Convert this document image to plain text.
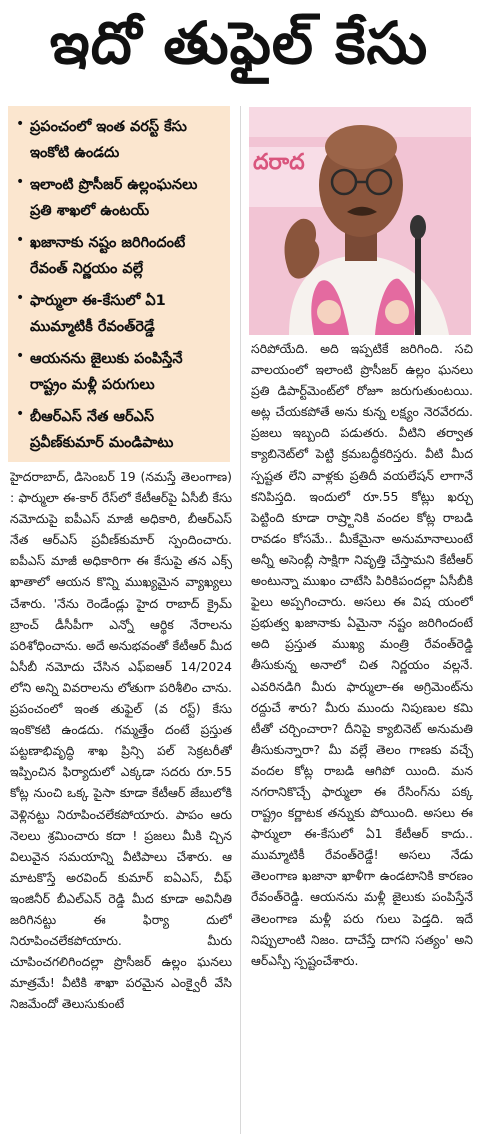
ఇదో తుఫైల్ కేసు
• ప్రపంచంలో ఇంత వరస్ట్ కేసు ఇంకోటి ఉండదు
• ఇలాంటి ప్రొసీజర్ ఉల్లంఘనలు ప్రతి శాఖలో ఉంటయ్
• ఖజానాకు నష్టం జరిగిందంటే రేవంత్ నిర్ణయం వల్లే
• ఫార్ములా ఈ-కేసులో ఏ1 ముమ్మాటికీ రేవంత్‌రెడ్డే
• ఆయనను జైలుకు పంపిస్తేనే రాష్ట్రం మళ్లీ పరుగులు
• బీఆర్ఎస్ నేత ఆర్ఎస్ ప్రవీణ్‌కుమార్ మండిపాటు
దరాద
హైదరాబాద్, డిసెంబర్ 19 (నమస్తే తెలంగాణ) : ఫార్ములా ఈ-కార్ రేస్‌లో కేటీఆర్‌పై ఏసీబీ కేసు నమోదుపై ఐపీఎస్ మాజీ అధికారి, బీఆర్ఎస్ నేత ఆర్ఎస్ ప్రవీణ్‌కుమార్ స్పందించారు. ఐపీఎస్ మాజీ అధికారిగా ఈ కేసుపై తన ఎక్స్ ఖాతాలో ఆయన కొన్ని ముఖ్యమైన వ్యాఖ్యలు చేశారు. 'నేను రెండేండ్లు హైద రాబాద్ క్రైమ్ బ్రాంచ్ డీసీపీగా ఎన్నో ఆర్థిక నేరాలను పరిశోధించాను. అదే అనుభవంతో కేటీఆర్ మీద ఏసీబీ నమోదు చేసిన ఎఫ్ఐఆర్ 14/2024 లోని అన్ని వివరాలను లోతుగా పరిశీలిం చాను. ప్రపంచంలో ఇంత తుఫైల్ (వ రస్ట్) కేసు ఇంకొకటి ఉండదు. గమ్మత్తేం దంటే ప్రస్తుత పట్టణాభివృద్ధి శాఖ ప్రిన్సి పల్ సెక్రటరీతో ఇప్పించిన ఫిర్యాదులో ఎక్కడా సదరు రూ.55 కోట్ల నుంచి ఒక్క పైసా కూడా కేటీఆర్ జేబులోకి వెళ్లినట్టు నిరూపించలేకపోయారు. పాపం ఆరు నెలలు శ్రమించారు కదా ! ప్రజలు మీకి చ్చిన విలువైన సమయాన్ని వీటిపాలు చేశారు. ఆ మాటకొస్తే అరవింద్ కుమార్ ఐఏఎస్, చీఫ్ ఇంజినీర్ బీఎల్ఎన్ రెడ్డి మీద కూడా అవినీతి జరిగినట్టు ఈ ఫిర్యా దులో నిరూపించలేకపోయారు. మీరు చూపించగలిగిందల్లా ప్రొసీజర్ ఉల్లం ఘనలు మాత్రమే! వీటికి శాఖా పరమైన ఎంక్వైరీ వేసి నిజమేందో తెలుసుకుంటే
సరిపోయేది. అది ఇప్పటికే జరిగింది. సచి వాలయంలో ఇలాంటి ప్రొసీజర్ ఉల్లం ఘనలు ప్రతి డిపార్ట్‌మెంట్‌లో రోజూ జరుగుతుంటయి. అట్ల చేయకపోతే అను కున్న లక్ష్యం నెరవేరదు. ప్రజలు ఇబ్బంది పడుతరు. వీటిని తర్వాత క్యాబినెట్‌లో పెట్టి క్రమబద్ధీకరిస్తరు. వీటి మీద స్పష్టత లేని వాళ్లకు ప్రతిదీ వయలేషన్ లాగానే కనిపిస్తది. ఇందులో రూ.55 కోట్లు ఖర్చు పెట్టింది కూడా రాష్ర్టానికి వందల కోట్ల రాబడి రావడం కోసమే.. మీకేమైనా అనుమానాలుంటే అన్నీ అసెంబ్లీ సాక్షిగా నివృత్తి చేస్తామని కేటీఆర్ అంటున్నా ముఖం చాటేసి పిరికిపందల్లా ఏసీబీకి ఫైలు అప్పగించారు. అసలు ఈ విష యంలో ప్రభుత్వ ఖజానాకు ఏమైనా నష్టం జరిగిందంటే అది ప్రస్తుత ముఖ్య మంత్రి రేవంత్‌రెడ్డి తీసుకున్న అనాలో చిత నిర్ణయం వల్లనే. ఎవరినడిగి మీరు ఫార్ములా-ఈ అగ్రిమెంట్‌ను రద్దుచే శారు? మీరు ముందు నిపుణుల కమి టీతో చర్చించారా? దీనిపై క్యాబినెట్ అనుమతి తీసుకున్నారా? మీ వల్లే తెలం గాణకు వచ్చే వందల కోట్ల రాబడి ఆగిపో యింది. మన నగరానికొచ్చే ఫార్ములా ఈ రేసింగ్‌ను పక్క రాష్ట్రం కర్ణాటక తన్నుకు పోయింది. అసలు ఈ ఫార్ములా ఈ-కేసులో ఏ1 కేటీఆర్ కాదు.. ముమ్మాటికీ రేవంత్‌రెడ్డే! అసలు నేడు తెలంగాణ ఖజానా ఖాళీగా ఉండటానికి కారణం రేవంత్‌రెడ్డి. ఆయనను మళ్లీ జైలుకు పంపిస్తేనే తెలంగాణ మళ్లీ పరు గులు పెడ్తది. ఇదే నిప్పులాంటి నిజం. దాచేస్తే దాగని సత్యం' అని ఆర్ఎస్పీ స్పష్టంచేశారు.
